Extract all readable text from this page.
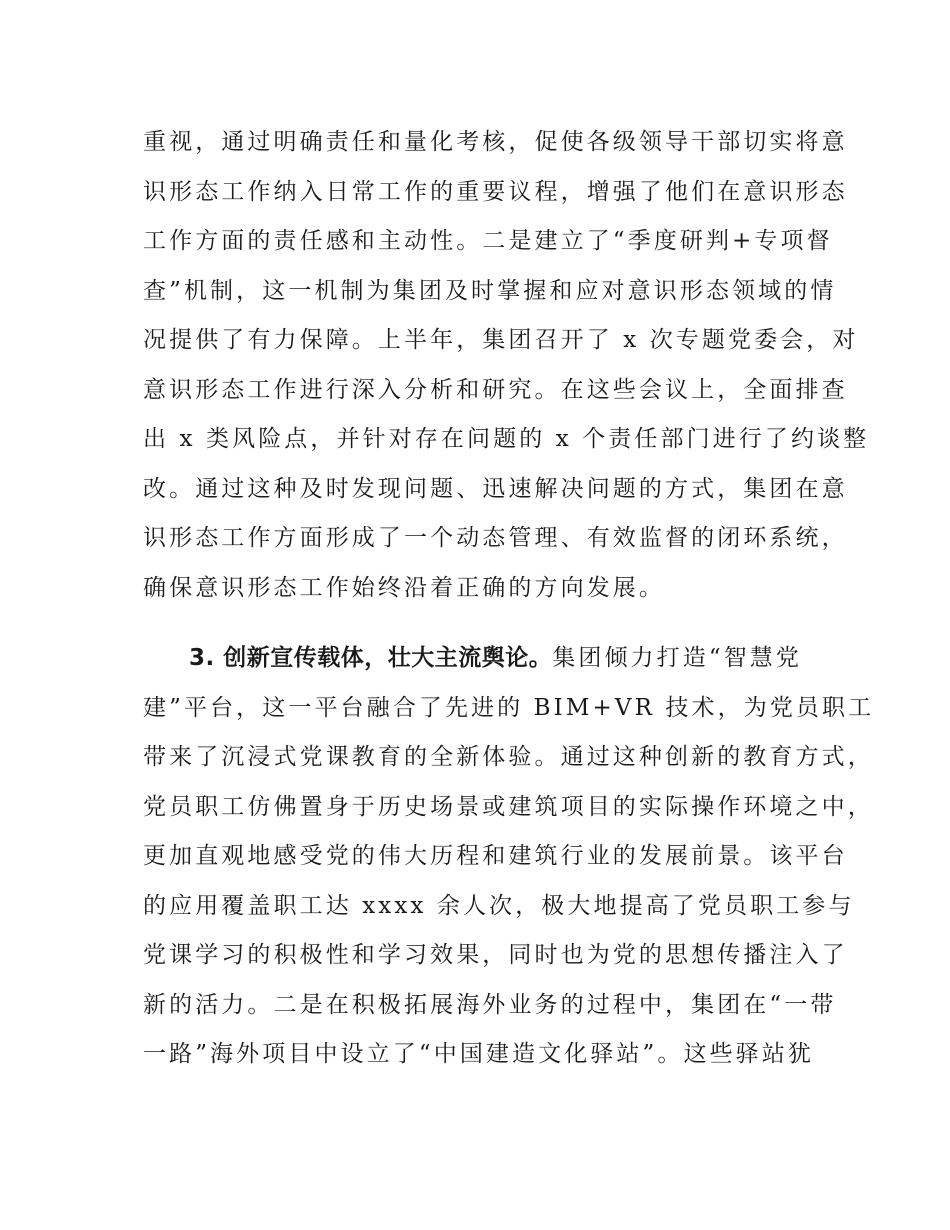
重视，通过明确责任和量化考核，促使各级领导干部切实将意
识形态工作纳入日常工作的重要议程，增强了他们在意识形态
工作方面的责任感和主动性。二是建立了“季度研判+专项督
查”机制，这一机制为集团及时掌握和应对意识形态领域的情
况提供了有力保障。上半年，集团召开了 x 次专题党委会，对
意识形态工作进行深入分析和研究。在这些会议上，全面排查
出 x 类风险点，并针对存在问题的 x 个责任部门进行了约谈整
改。通过这种及时发现问题、迅速解决问题的方式，集团在意
识形态工作方面形成了一个动态管理、有效监督的闭环系统，
确保意识形态工作始终沿着正确的方向发展。
3. 创新宣传载体，壮大主流舆论。集团倾力打造“智慧党
建”平台，这一平台融合了先进的 BIM+VR 技术，为党员职工
带来了沉浸式党课教育的全新体验。通过这种创新的教育方式，
党员职工仿佛置身于历史场景或建筑项目的实际操作环境之中，
更加直观地感受党的伟大历程和建筑行业的发展前景。该平台
的应用覆盖职工达 xxxx 余人次，极大地提高了党员职工参与
党课学习的积极性和学习效果，同时也为党的思想传播注入了
新的活力。二是在积极拓展海外业务的过程中，集团在“一带
一路”海外项目中设立了“中国建造文化驿站”。这些驿站犹
